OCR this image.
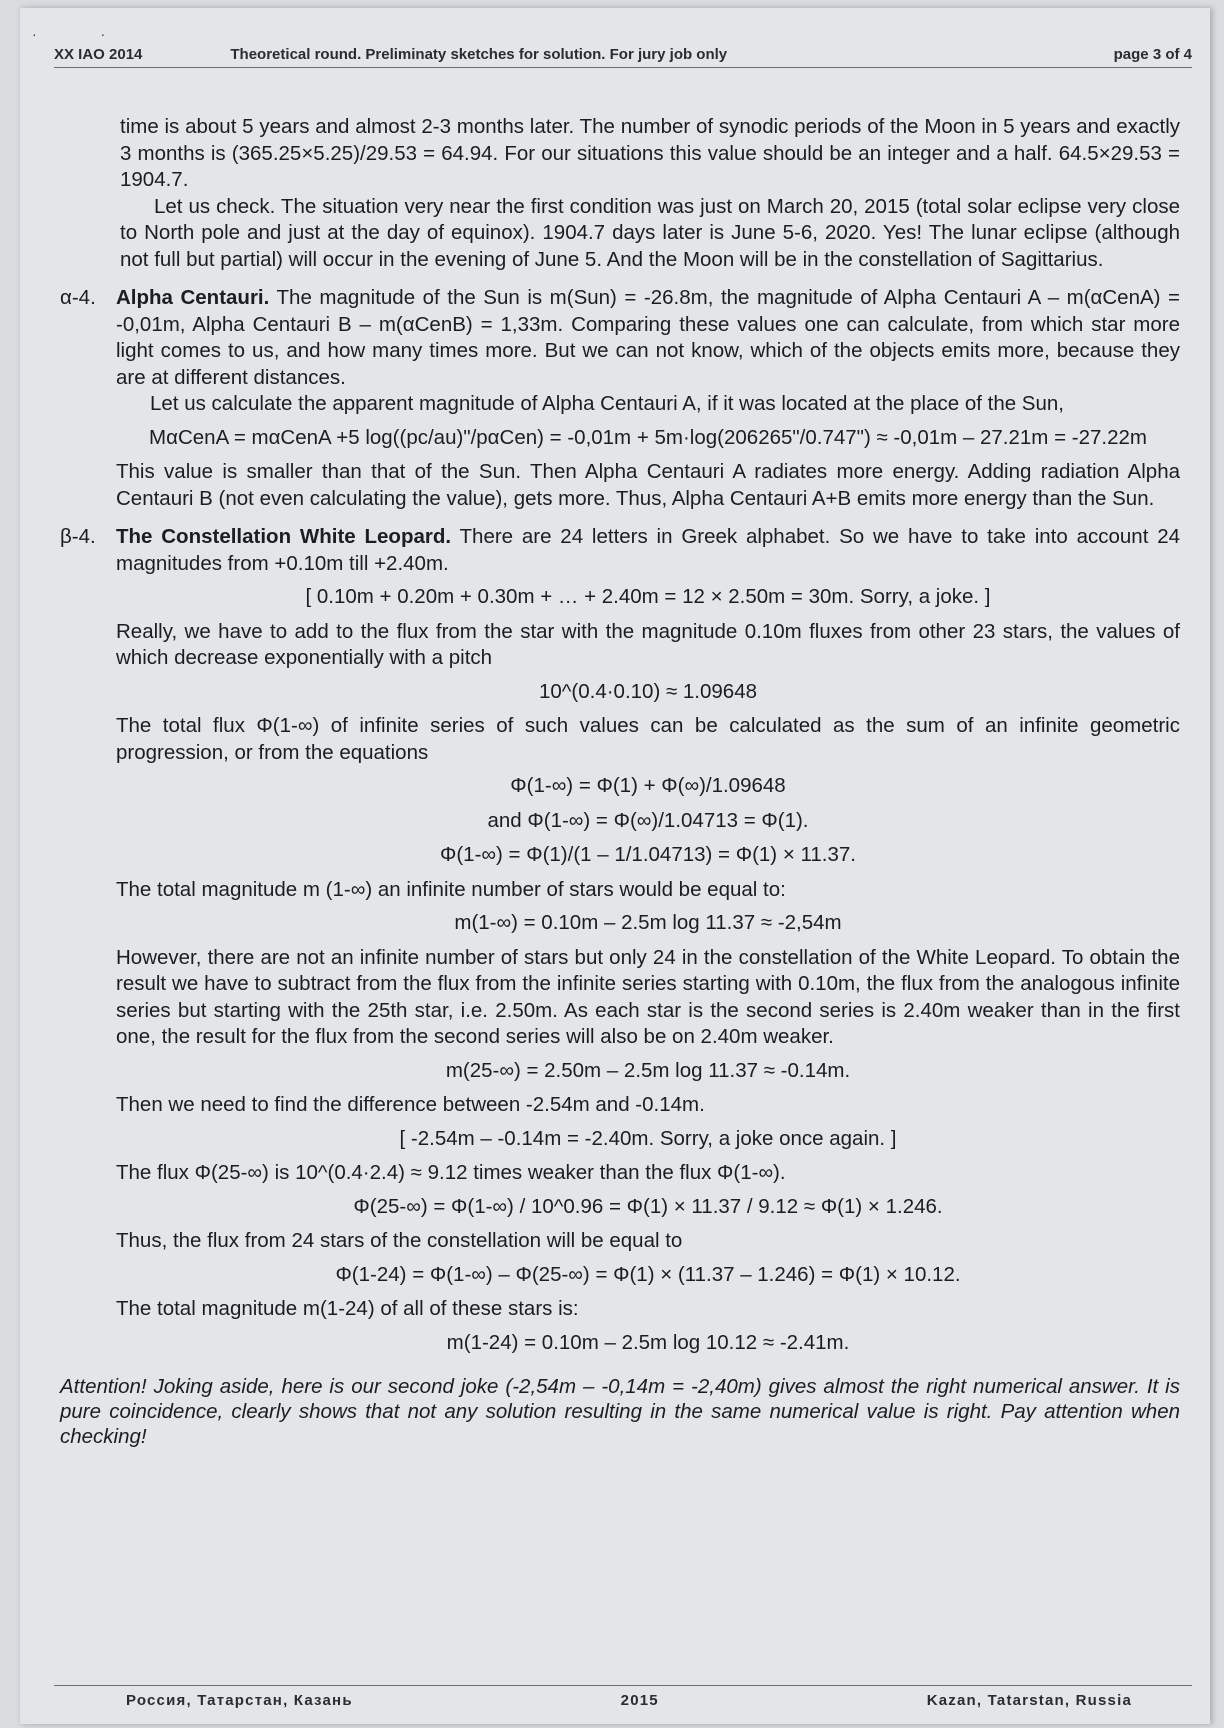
· ·
XX IAO 2014	Theoretical round. Preliminaty sketches for solution. For jury job only	page 3 of 4

time is about 5 years and almost 2-3 months later. The number of synodic periods of the Moon in 5 years and exactly 3 months is (365.25×5.25)/29.53 = 64.94. For our situations this value should be an integer and a half. 64.5×29.53 = 1904.7.

Let us check. The situation very near the first condition was just on March 20, 2015 (total solar eclipse very close to North pole and just at the day of equinox). 1904.7 days later is June 5-6, 2020. Yes! The lunar eclipse (although not full but partial) will occur in the evening of June 5. And the Moon will be in the constellation of Sagittarius.

α-4. Alpha Centauri. The magnitude of the Sun is m(Sun) = -26.8m, the magnitude of Alpha Centauri A – m(αCenA) = -0,01m, Alpha Centauri B – m(αCenB) = 1,33m. Comparing these values one can calculate, from which star more light comes to us, and how many times more. But we can not know, which of the objects emits more, because they are at different distances.

Let us calculate the apparent magnitude of Alpha Centauri A, if it was located at the place of the Sun,

MαCenA = mαCenA +5 log((pc/au)"/pαCen) = -0,01m + 5m·log(206265"/0.747") ≈ -0,01m – 27.21m = -27.22m

This value is smaller than that of the Sun. Then Alpha Centauri A radiates more energy. Adding radiation Alpha Centauri B (not even calculating the value), gets more. Thus, Alpha Centauri A+B emits more energy than the Sun.

β-4. The Constellation White Leopard. There are 24 letters in Greek alphabet. So we have to take into account 24 magnitudes from +0.10m till +2.40m.

[ 0.10m + 0.20m + 0.30m + … + 2.40m = 12 × 2.50m = 30m. Sorry, a joke. ]

Really, we have to add to the flux from the star with the magnitude 0.10m fluxes from other 23 stars, the values of which decrease exponentially with a pitch

10^(0.4·0.10) ≈ 1.09648

The total flux Φ(1-∞) of infinite series of such values can be calculated as the sum of an infinite geometric progression, or from the equations

Φ(1-∞) = Φ(1) + Φ(∞)/1.09648

and Φ(1-∞) = Φ(∞)/1.04713 = Φ(1).

Φ(1-∞) = Φ(1)/(1 – 1/1.04713) = Φ(1) × 11.37.

The total magnitude m (1-∞) an infinite number of stars would be equal to:

m(1-∞) = 0.10m – 2.5m log 11.37 ≈ -2,54m

However, there are not an infinite number of stars but only 24 in the constellation of the White Leopard. To obtain the result we have to subtract from the flux from the infinite series starting with 0.10m, the flux from the analogous infinite series but starting with the 25th star, i.e. 2.50m. As each star is the second series is 2.40m weaker than in the first one, the result for the flux from the second series will also be on 2.40m weaker.

m(25-∞) = 2.50m – 2.5m log 11.37 ≈ -0.14m.

Then we need to find the difference between -2.54m and -0.14m.

[ -2.54m – -0.14m = -2.40m. Sorry, a joke once again. ]

The flux Φ(25-∞) is 10^(0.4·2.4) ≈ 9.12 times weaker than the flux Φ(1-∞).

Φ(25-∞) = Φ(1-∞) / 10^0.96 = Φ(1) × 11.37 / 9.12 ≈ Φ(1) × 1.246.

Thus, the flux from 24 stars of the constellation will be equal to

Φ(1-24) = Φ(1-∞) – Φ(25-∞) = Φ(1) × (11.37 – 1.246) = Φ(1) × 10.12.

The total magnitude m(1-24) of all of these stars is:

m(1-24) = 0.10m – 2.5m log 10.12 ≈ -2.41m.

Attention! Joking aside, here is our second joke (-2,54m – -0,14m = -2,40m) gives almost the right numerical answer. It is pure coincidence, clearly shows that not any solution resulting in the same numerical value is right. Pay attention when checking!

Россия, Татарстан, Казань	2015	Kazan, Tatarstan, Russia
